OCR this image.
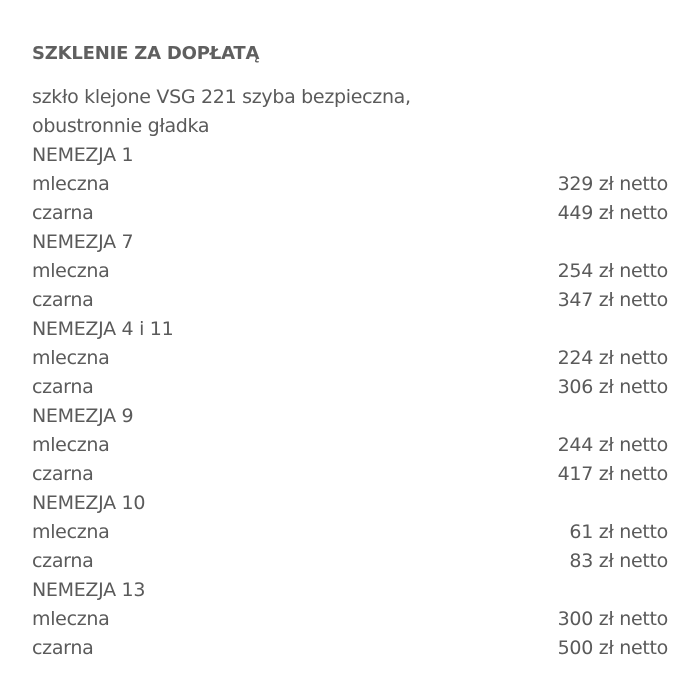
SZKLENIE ZA DOPŁATĄ
szkło klejone VSG 221 szyba bezpieczna,
obustronnie gładka
NEMEZJA 1
mleczna	329 zł netto
czarna	449 zł netto
NEMEZJA 7
mleczna	254 zł netto
czarna	347 zł netto
NEMEZJA 4 i 11
mleczna	224 zł netto
czarna	306 zł netto
NEMEZJA 9
mleczna	244 zł netto
czarna	417 zł netto
NEMEZJA 10
mleczna	61 zł netto
czarna	83 zł netto
NEMEZJA 13
mleczna	300 zł netto
czarna	500 zł netto
